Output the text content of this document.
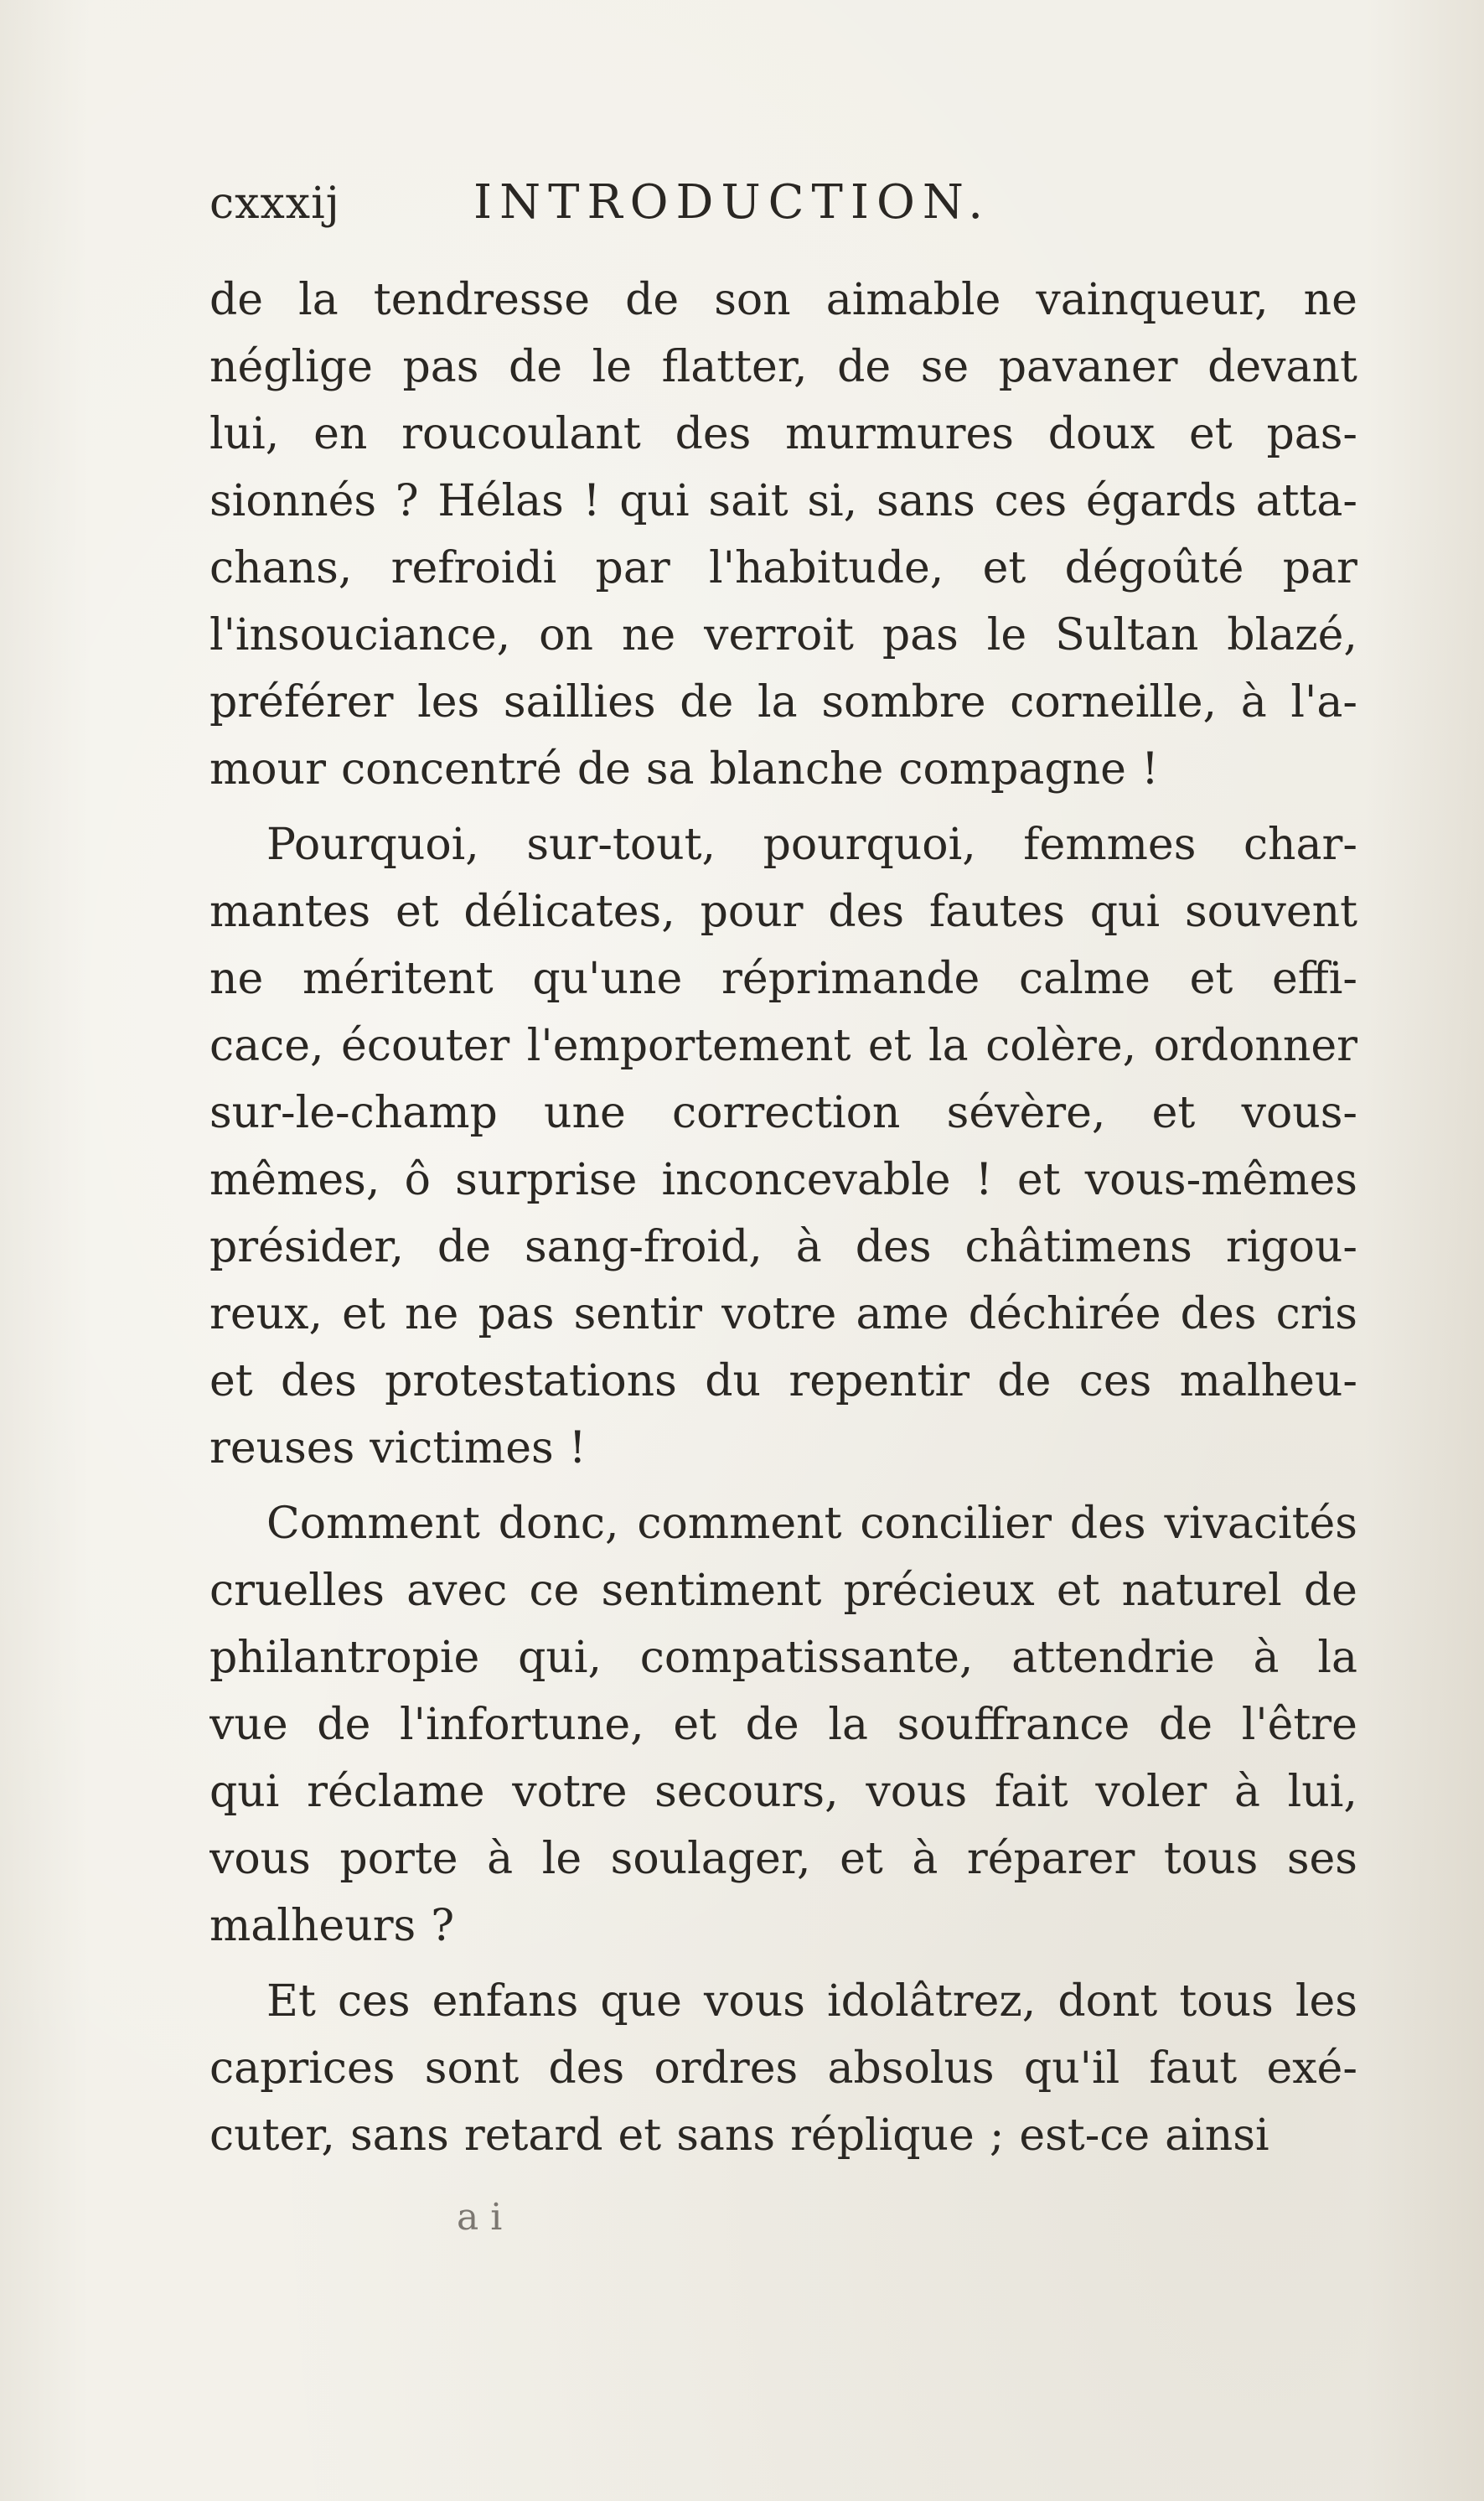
cxxxij	INTRODUCTION.
de la tendresse de son aimable vainqueur, ne
néglige pas de le flatter, de se pavaner devant
lui, en roucoulant des murmures doux et pas-
sionnés ? Hélas ! qui sait si, sans ces égards atta-
chans, refroidi par l'habitude, et dégoûté par
l'insouciance, on ne verroit pas le Sultan blazé,
préférer les saillies de la sombre corneille, à l'a-
mour concentré de sa blanche compagne !
Pourquoi, sur-tout, pourquoi, femmes char-
mantes et délicates, pour des fautes qui souvent
ne méritent qu'une réprimande calme et effi-
cace, écouter l'emportement et la colère, ordonner
sur-le-champ une correction sévère, et vous-
mêmes, ô surprise inconcevable ! et vous-mêmes
présider, de sang-froid, à des châtimens rigou-
reux, et ne pas sentir votre ame déchirée des cris
et des protestations du repentir de ces malheu-
reuses victimes !
Comment donc, comment concilier des vivacités
cruelles avec ce sentiment précieux et naturel de
philantropie qui, compatissante, attendrie à la
vue de l'infortune, et de la souffrance de l'être
qui réclame votre secours, vous fait voler à lui,
vous porte à le soulager, et à réparer tous ses
malheurs ?
Et ces enfans que vous idolâtrez, dont tous les
caprices sont des ordres absolus qu'il faut exé-
cuter, sans retard et sans réplique ; est-ce ainsi
a i
